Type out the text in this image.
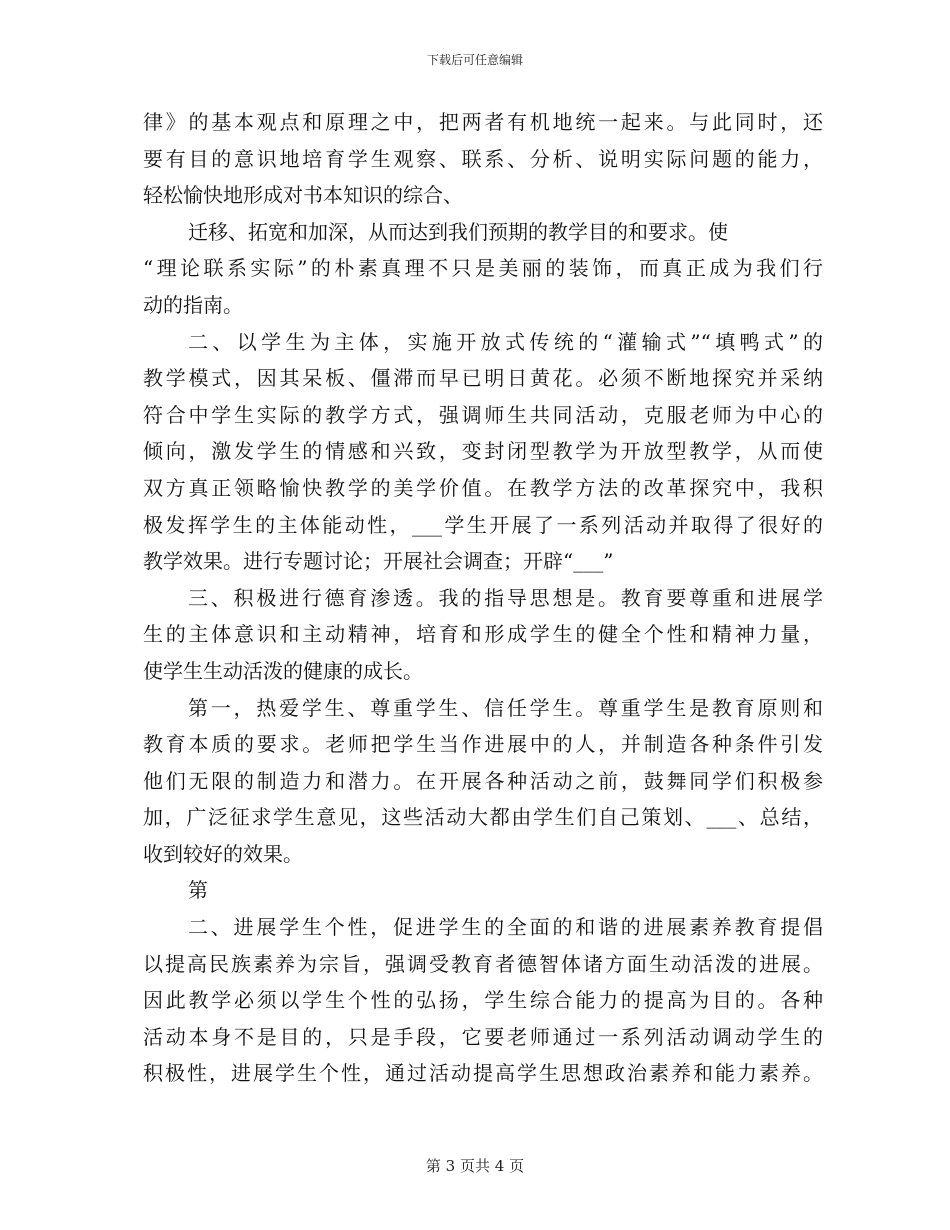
下载后可任意编辑
律》的基本观点和原理之中，把两者有机地统一起来。与此同时，还
要有目的意识地培育学生观察、联系、分析、说明实际问题的能力，
轻松愉快地形成对书本知识的综合、
迁移、拓宽和加深，从而达到我们预期的教学目的和要求。使
“理论联系实际”的朴素真理不只是美丽的装饰，而真正成为我们行
动的指南。
二、以学生为主体，实施开放式传统的“灌输式”“填鸭式”的
教学模式，因其呆板、僵滞而早已明日黄花。必须不断地探究并采纳
符合中学生实际的教学方式，强调师生共同活动，克服老师为中心的
倾向，激发学生的情感和兴致，变封闭型教学为开放型教学，从而使
双方真正领略愉快教学的美学价值。在教学方法的改革探究中，我积
极发挥学生的主体能动性，___学生开展了一系列活动并取得了很好的
教学效果。进行专题讨论；开展社会调查；开辟“___”
三、积极进行德育渗透。我的指导思想是。教育要尊重和进展学
生的主体意识和主动精神，培育和形成学生的健全个性和精神力量，
使学生生动活泼的健康的成长。
第一，热爱学生、尊重学生、信任学生。尊重学生是教育原则和
教育本质的要求。老师把学生当作进展中的人，并制造各种条件引发
他们无限的制造力和潜力。在开展各种活动之前，鼓舞同学们积极参
加，广泛征求学生意见，这些活动大都由学生们自己策划、___、总结，
收到较好的效果。
第
二、进展学生个性，促进学生的全面的和谐的进展素养教育提倡
以提高民族素养为宗旨，强调受教育者德智体诸方面生动活泼的进展。
因此教学必须以学生个性的弘扬，学生综合能力的提高为目的。各种
活动本身不是目的，只是手段，它要老师通过一系列活动调动学生的
积极性，进展学生个性，通过活动提高学生思想政治素养和能力素养。
第 3 页共 4 页
